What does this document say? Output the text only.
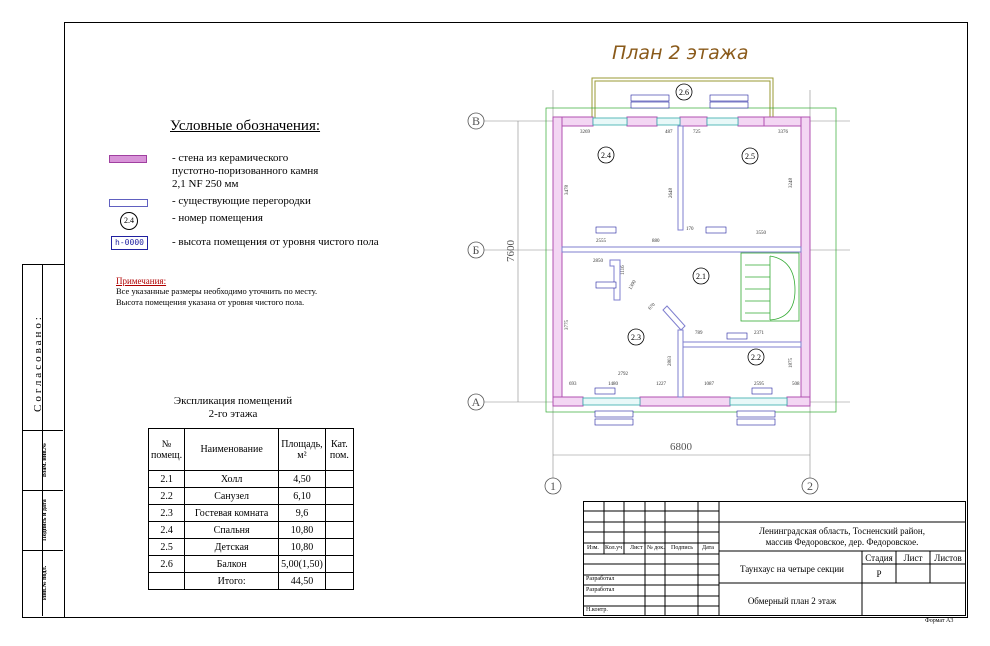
Согласовано:
Взам. инв.№
Подпись и дата
Инв.№ подл.
Условные обозначения:
- стена из керамического
пустотно-поризованного камня
2,1 NF 250 мм
- существующие перегородки
2.4	- номер помещения
h-0000	- высота помещения от уровня чистого пола
Примечания:
Все указанные размеры необходимо уточнить по месту.
Высота помещения указана от уровня чистого пола.
Экспликация помещений
2-го этажа
№ помещ.	Наименование	Площадь, м²	Кат. пом.
2.1	Холл	4,50	
2.2	Санузел	6,10	
2.3	Гостевая комната	9,6	
2.4	Спальня	10,80	
2.5	Детская	10,80	
2.6	Балкон	5,00(1,50)	
	Итого:	44,50	
План 2 этажа
В
Б
А
1	2
7600
6800
2.6
2.4	2.5
2.1
2.3
2.2
3269	487	725	3376
2555	880
170
3550
3478
3775
3248
1875
693	1480	1227	1087	2595	508
2850
1116
1390
670
789	2371
2792
2803
2648
Изм. Кол.уч Лист № док. Подпись Дата
Разработал
Разработал
Н.контр.
Ленинградская область, Тосненский район,
массив Федоровское, дер. Федоровское.
Таунхаус на четыре секции
Обмерный план 2 этаж
Стадия	Лист	Листов
Р
Формат А3
